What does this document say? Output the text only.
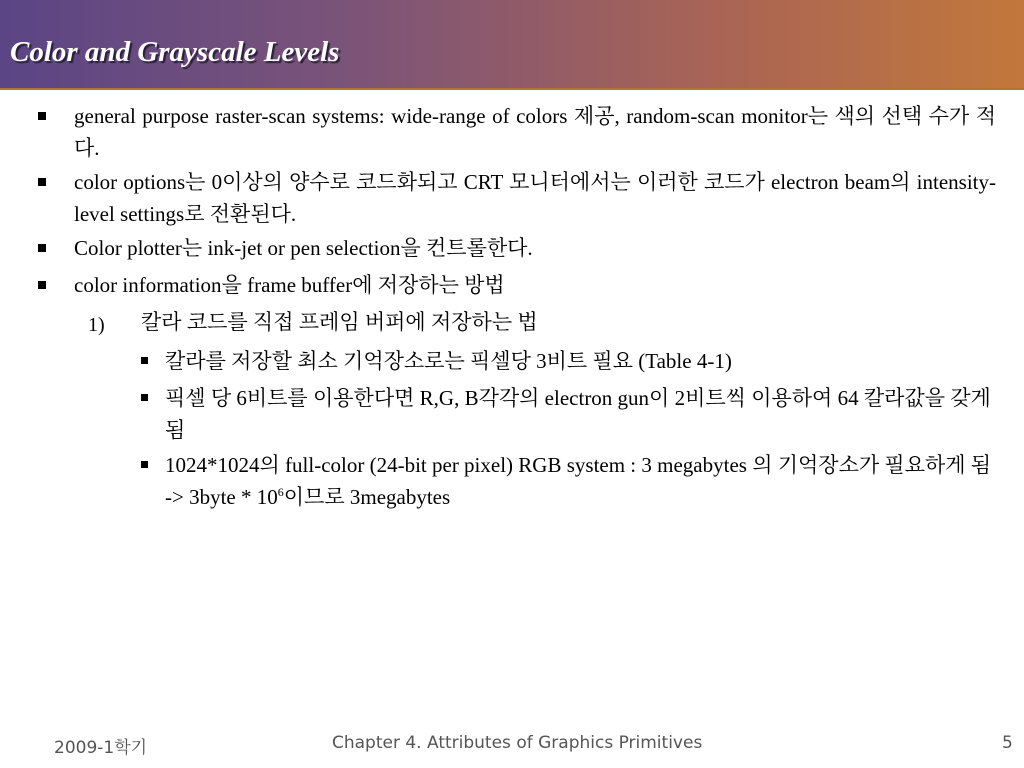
Color and Grayscale Levels
general purpose raster-scan systems: wide-range of colors 제공, random-scan monitor는 색의 선택 수가 적다.
color options는 0이상의 양수로 코드화되고 CRT 모니터에서는 이러한 코드가 electron beam의 intensity-level settings로 전환된다.
Color plotter는 ink-jet or pen selection을 컨트롤한다.
color information을 frame buffer에 저장하는 방법
1) 칼라 코드를 직접 프레임 버퍼에 저장하는 법
칼라를 저장할 최소 기억장소로는 픽셀당 3비트 필요 (Table 4-1)
픽셀 당 6비트를 이용한다면 R,G, B각각의 electron gun이 2비트씩 이용하여 64 칼라값을 갖게 됨
1024*1024의 full-color (24-bit per pixel) RGB system : 3 megabytes 의 기억장소가 필요하게 됨 -> 3byte * $10^6$이므로 3megabytes
2009-1학기	Chapter 4. Attributes of Graphics Primitives	5
